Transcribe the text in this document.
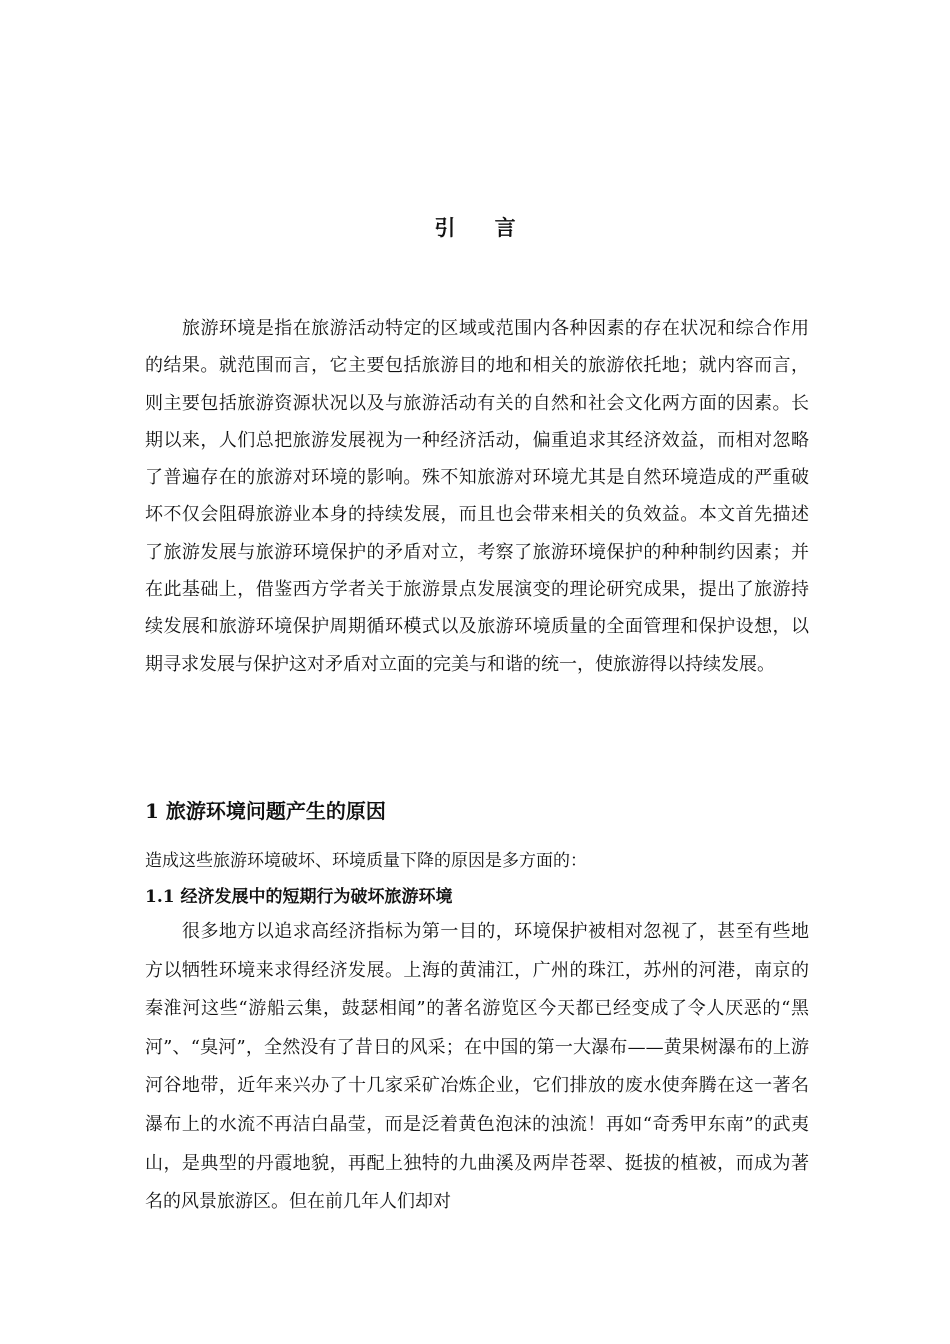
引 言

旅游环境是指在旅游活动特定的区域或范围内各种因素的存在状况和综合作用的结果。就范围而言，它主要包括旅游目的地和相关的旅游依托地；就内容而言，则主要包括旅游资源状况以及与旅游活动有关的自然和社会文化两方面的因素。长期以来，人们总把旅游发展视为一种经济活动，偏重追求其经济效益，而相对忽略了普遍存在的旅游对环境的影响。殊不知旅游对环境尤其是自然环境造成的严重破坏不仅会阻碍旅游业本身的持续发展，而且也会带来相关的负效益。本文首先描述了旅游发展与旅游环境保护的矛盾对立，考察了旅游环境保护的种种制约因素；并在此基础上，借鉴西方学者关于旅游景点发展演变的理论研究成果，提出了旅游持续发展和旅游环境保护周期循环模式以及旅游环境质量的全面管理和保护设想，以期寻求发展与保护这对矛盾对立面的完美与和谐的统一，使旅游得以持续发展。

1 旅游环境问题产生的原因

造成这些旅游环境破坏、环境质量下降的原因是多方面的：

1.1 经济发展中的短期行为破坏旅游环境

很多地方以追求高经济指标为第一目的，环境保护被相对忽视了，甚至有些地方以牺牲环境来求得经济发展。上海的黄浦江，广州的珠江，苏州的河港，南京的秦淮河这些“游船云集，鼓瑟相闻”的著名游览区今天都已经变成了令人厌恶的“黑河”、“臭河”，全然没有了昔日的风采；在中国的第一大瀑布——黄果树瀑布的上游河谷地带，近年来兴办了十几家采矿冶炼企业，它们排放的废水使奔腾在这一著名瀑布上的水流不再洁白晶莹，而是泛着黄色泡沫的浊流！再如“奇秀甲东南”的武夷山，是典型的丹霞地貌，再配上独特的九曲溪及两岸苍翠、挺拔的植被，而成为著名的风景旅游区。但在前几年人们却对
